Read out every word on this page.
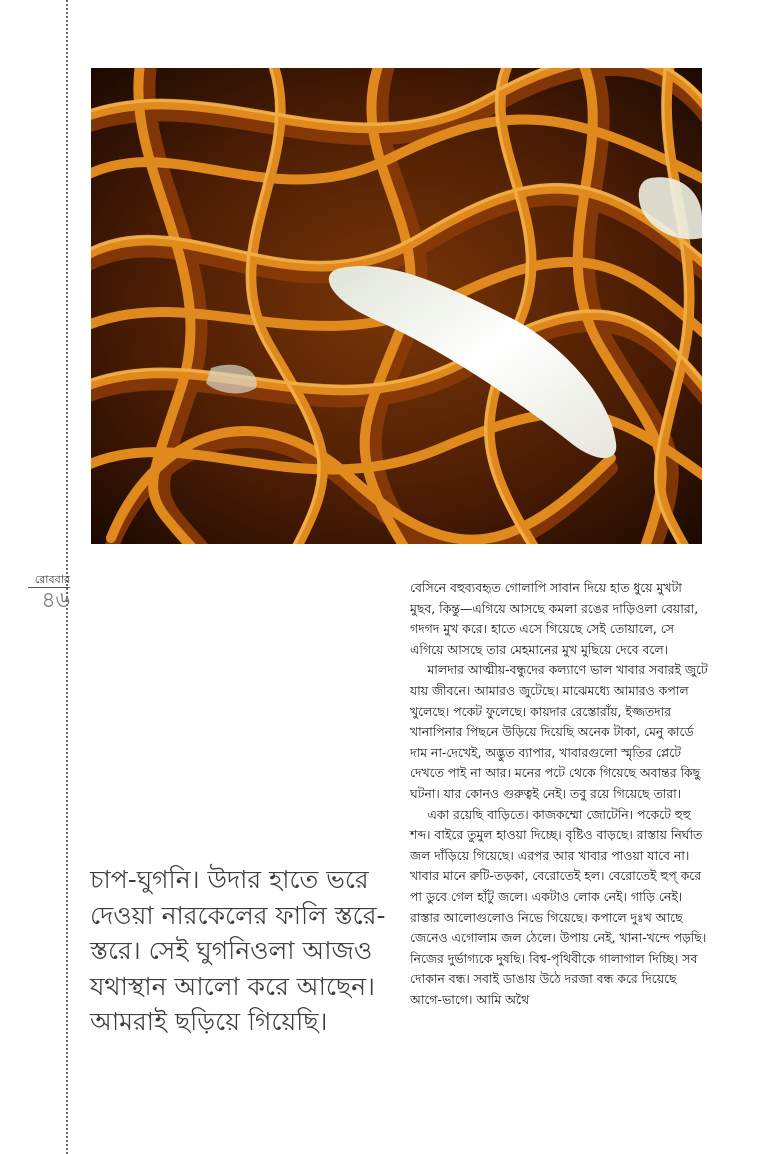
রোববার
৪৬

চাপ-ঘুগনি। উদার হাতে ভরে দেওয়া নারকেলের ফালি স্তরে-স্তরে। সেই ঘুগনিওলা আজও যথাস্থান আলো করে আছেন। আমরাই ছড়িয়ে গিয়েছি।

বেসিনে বহুব্যবহৃত গোলাপি সাবান দিয়ে হাত ধুয়ে মুখটা মুছব, কিন্তু—এগিয়ে আসছে কমলা রঙের দাড়িওলা বেয়ারা, গদগদ মুখ করে। হাতে এসে গিয়েছে সেই তোয়ালে, সে এগিয়ে আসছে তার মেহমানের মুখ মুছিয়ে দেবে বলে।

মালদার আত্মীয়-বন্ধুদের কল্যাণে ভাল খাবার সবারই জুটে যায় জীবনে। আমারও জুটেছে। মাঝেমধ্যে আমারও কপাল খুলেছে। পকেট ফুলেছে। কায়দার রেস্তোরাঁয়, ইজ্জতদার খানাপিনার পিছনে উড়িয়ে দিয়েছি অনেক টাকা, মেনু কার্ডে দাম না-দেখেই, অদ্ভুত ব্যাপার, খাবারগুলো স্মৃতির প্লেটে দেখতে পাই না আর। মনের পটে থেকে গিয়েছে অবান্তর কিছু ঘটনা। যার কোনও গুরুত্বই নেই। তবু রয়ে গিয়েছে তারা।

একা রয়েছি বাড়িতে। কাজকম্মো জোটেনি। পকেটে হুহু শব্দ। বাইরে তুমুল হাওয়া দিচ্ছে। বৃষ্টিও বাড়ছে। রাস্তায় নির্ঘাত জল দাঁড়িয়ে গিয়েছে। এরপর আর খাবার পাওয়া যাবে না। খাবার মানে রুটি-তড়কা, বেরোতেই হল। বেরোতেই হুপ্‌ করে পা ডুবে গেল হাঁটু জলে। একটাও লোক নেই। গাড়ি নেই। রাস্তার আলোগুলোও নিভে গিয়েছে। কপালে দুঃখ আছে জেনেও এগোলাম জল ঠেলে। উপায় নেই, খানা-খন্দে পড়ছি। নিজের দুর্ভাগ্যকে দুষছি। বিশ্ব-পৃথিবীকে গালাগাল দিচ্ছি। সব দোকান বন্ধ। সবাই ডাঙায় উঠে দরজা বন্ধ করে দিয়েছে আগে-ভাগে। আমি অথৈ
